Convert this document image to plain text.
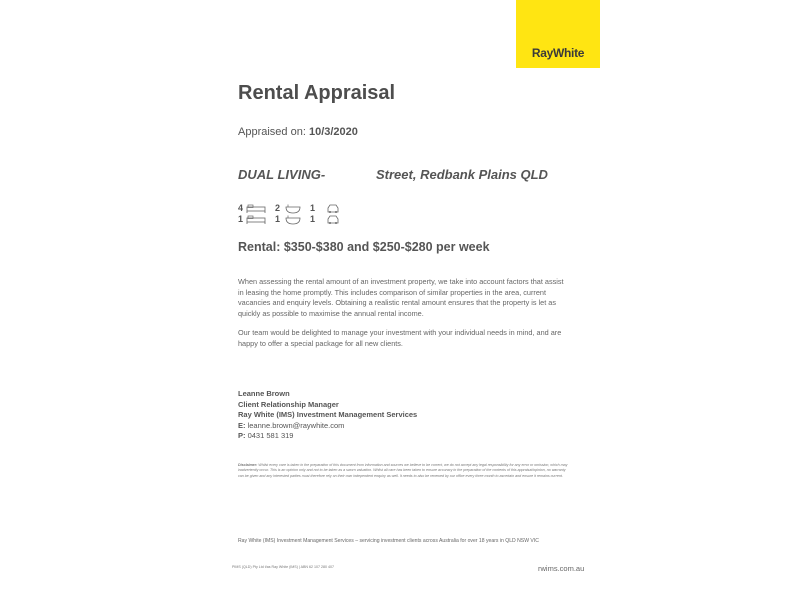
RayWhite
Rental Appraisal
Appraised on: 10/3/2020
DUAL LIVING-	Street, Redbank Plains QLD
4	2	1
1	1	1
Rental: $350-$380 and $250-$280 per week
When assessing the rental amount of an investment property, we take into account factors that assist in leasing the home promptly. This includes comparison of similar properties in the area, current vacancies and enquiry levels. Obtaining a realistic rental amount ensures that the property is let as quickly as possible to maximise the annual rental income.
Our team would be delighted to manage your investment with your individual needs in mind, and are happy to offer a special package for all new clients.
Leanne Brown
Client Relationship Manager
Ray White (IMS) Investment Management Services
E: leanne.brown@raywhite.com
P: 0431 581 319
Disclaimer: Whilst every care is taken in the preparation of this document from information and sources we believe to be correct, we do not accept any legal responsibility for any error or omission, which may inadvertently occur. This is an opinion only and not to be taken as a sworn valuation. Whilst all care has been taken to ensure accuracy in the preparation of the contents of this appraisal/opinion, no warranty can be given and any interested parties must therefore rely on their own independent enquiry as well. It needs to also be renewed by our office every three month to ascertain and ensure it remains current.
Ray White (IMS) Investment Management Services – servicing investment clients across Australia for over 18 years in QLD NSW VIC
PIMS (QLD) Pty Ltd t/as Ray White (IMS) | ABN 62 107 280 407	rwims.com.au
